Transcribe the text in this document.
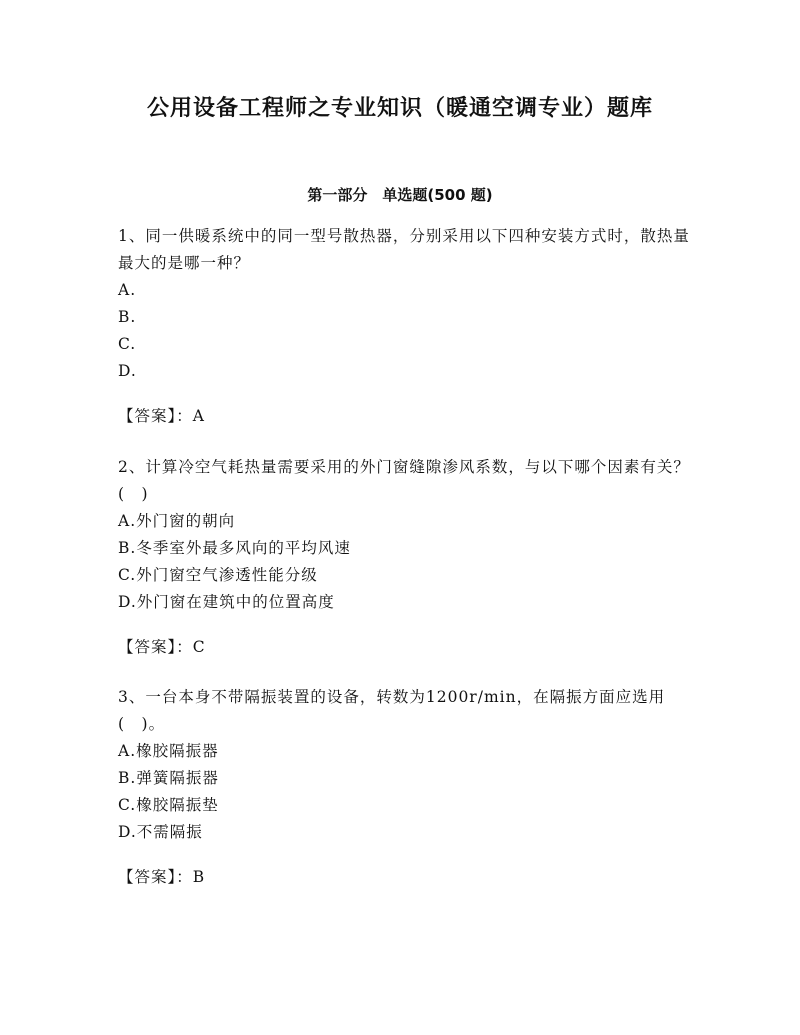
公用设备工程师之专业知识（暖通空调专业）题库
第一部分　单选题(500 题)

1、同一供暖系统中的同一型号散热器，分别采用以下四种安装方式时，散热量最大的是哪一种？

A.

B.

C.

D.

【答案】：A

2、计算冷空气耗热量需要采用的外门窗缝隙渗风系数，与以下哪个因素有关？(　)

A.外门窗的朝向

B.冬季室外最多风向的平均风速

C.外门窗空气渗透性能分级

D.外门窗在建筑中的位置高度

【答案】：C

3、一台本身不带隔振装置的设备，转数为1200r/min，在隔振方面应选用(　)。

A.橡胶隔振器

B.弹簧隔振器

C.橡胶隔振垫

D.不需隔振

【答案】：B
